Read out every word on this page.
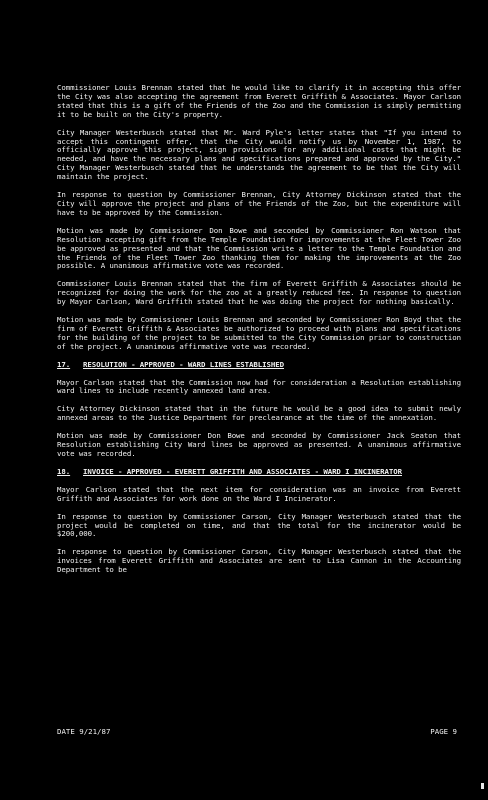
Commissioner Louis Brennan stated that he would like to clarify it in accepting this offer the City was also accepting the agreement from Everett Griffith & Associates. Mayor Carlson stated that this is a gift of the Friends of the Zoo and the Commission is simply permitting it to be built on the City's property.

City Manager Westerbusch stated that Mr. Ward Pyle's letter states that "If you intend to accept this contingent offer, that the City would notify us by November 1, 1987, to officially approve this project, sign provisions for any additional costs that might be needed, and have the necessary plans and specifications prepared and approved by the City." City Manager Westerbusch stated that he understands the agreement to be that the City will maintain the project.

In response to question by Commissioner Brennan, City Attorney Dickinson stated that the City will approve the project and plans of the Friends of the Zoo, but the expenditure will have to be approved by the Commission.

Motion was made by Commissioner Don Bowe and seconded by Commissioner Ron Watson that Resolution accepting gift from the Temple Foundation for improvements at the Fleet Tower Zoo be approved as presented and that the Commission write a letter to the Temple Foundation and the Friends of the Fleet Tower Zoo thanking them for making the improvements at the Zoo possible. A unanimous affirmative vote was recorded.

Commissioner Louis Brennan stated that the firm of Everett Griffith & Associates should be recognized for doing the work for the zoo at a greatly reduced fee. In response to question by Mayor Carlson, Ward Griffith stated that he was doing the project for nothing basically.

Motion was made by Commissioner Louis Brennan and seconded by Commissioner Ron Boyd that the firm of Everett Griffith & Associates be authorized to proceed with plans and specifications for the building of the project to be submitted to the City Commission prior to construction of the project. A unanimous affirmative vote was recorded.

17.	RESOLUTION - APPROVED - WARD LINES ESTABLISHED

Mayor Carlson stated that the Commission now had for consideration a Resolution establishing ward lines to include recently annexed land area.

City Attorney Dickinson stated that in the future he would be a good idea to submit newly annexed areas to the Justice Department for preclearance at the time of the annexation.

Motion was made by Commissioner Don Bowe and seconded by Commissioner Jack Seaton that Resolution establishing City Ward lines be approved as presented. A unanimous affirmative vote was recorded.

18.	INVOICE - APPROVED - EVERETT GRIFFITH AND ASSOCIATES - WARD I INCINERATOR

Mayor Carlson stated that the next item for consideration was an invoice from Everett Griffith and Associates for work done on the Ward I Incinerator.

In response to question by Commissioner Carson, City Manager Westerbusch stated that the project would be completed on time, and that the total for the incinerator would be $200,000.

In response to question by Commissioner Carson, City Manager Westerbusch stated that the invoices from Everett Griffith and Associates are sent to Lisa Cannon in the Accounting Department to be

DATE 9/21/87	PAGE 9
